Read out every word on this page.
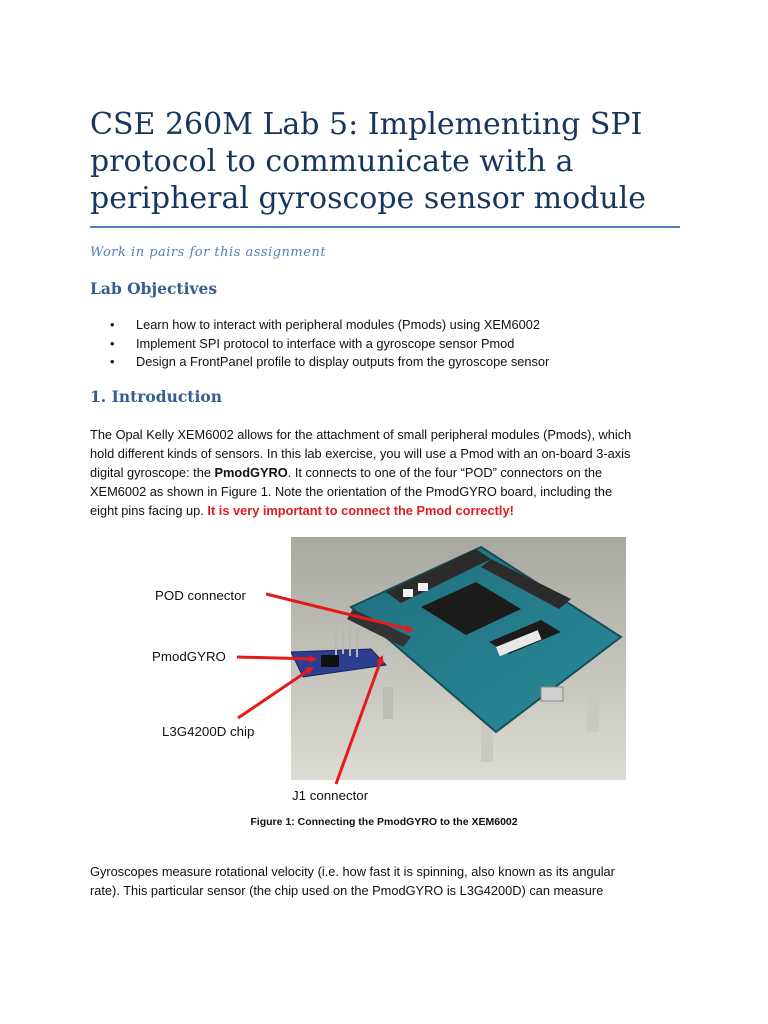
CSE 260M Lab 5: Implementing SPI
protocol to communicate with a
peripheral gyroscope sensor module

Work in pairs for this assignment

Lab Objectives
• Learn how to interact with peripheral modules (Pmods) using XEM6002
• Implement SPI protocol to interface with a gyroscope sensor Pmod
• Design a FrontPanel profile to display outputs from the gyroscope sensor
1. Introduction

The Opal Kelly XEM6002 allows for the attachment of small peripheral modules (Pmods), which
hold different kinds of sensors. In this lab exercise, you will use a Pmod with an on-board 3-axis
digital gyroscope: the PmodGYRO. It connects to one of the four “POD” connectors on the
XEM6002 as shown in Figure 1. Note the orientation of the PmodGYRO board, including the
eight pins facing up. It is very important to connect the Pmod correctly!

POD connector
PmodGYRO
L3G4200D chip
J1 connector

Figure 1: Connecting the PmodGYRO to the XEM6002

Gyroscopes measure rotational velocity (i.e. how fast it is spinning, also known as its angular
rate). This particular sensor (the chip used on the PmodGYRO is L3G4200D) can measure
